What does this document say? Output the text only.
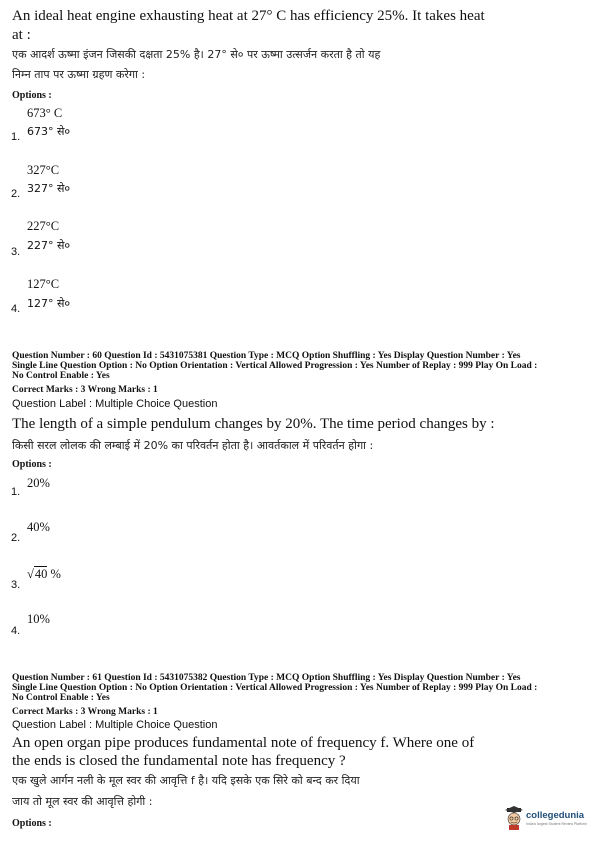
An ideal heat engine exhausting heat at 27° C has efficiency 25%. It takes heat
at :
एक आदर्श ऊष्मा इंजन जिसकी दक्षता 25% है। 27° से० पर ऊष्मा उत्सर्जन करता है तो यह
निम्न ताप पर ऊष्मा ग्रहण करेगा :
Options :
673° C
1. 673° से०
327°C
2. 327° से०
227°C
3. 227° से०
127°C
4. 127° से०
Question Number : 60 Question Id : 5431075381 Question Type : MCQ Option Shuffling : Yes Display Question Number : Yes
Single Line Question Option : No Option Orientation : Vertical Allowed Progression : Yes Number of Replay : 999 Play On Load :
No Control Enable : Yes
Correct Marks : 3 Wrong Marks : 1
Question Label : Multiple Choice Question
The length of a simple pendulum changes by 20%. The time period changes by :
किसी सरल लोलक की लम्बाई में 20% का परिवर्तन होता है। आवर्तकाल में परिवर्तन होगा :
Options :
20%
1.
40%
2.
√40 %
3.
10%
4.
Question Number : 61 Question Id : 5431075382 Question Type : MCQ Option Shuffling : Yes Display Question Number : Yes
Single Line Question Option : No Option Orientation : Vertical Allowed Progression : Yes Number of Replay : 999 Play On Load :
No Control Enable : Yes
Correct Marks : 3 Wrong Marks : 1
Question Label : Multiple Choice Question
An open organ pipe produces fundamental note of frequency f. Where one of
the ends is closed the fundamental note has frequency ?
एक खुले आर्गन नली के मूल स्वर की आवृत्ति f है। यदि इसके एक सिरे को बन्द कर दिया
जाय तो मूल स्वर की आवृत्ति होगी :
Options :
collegedunia
India's largest Student Review Platform
